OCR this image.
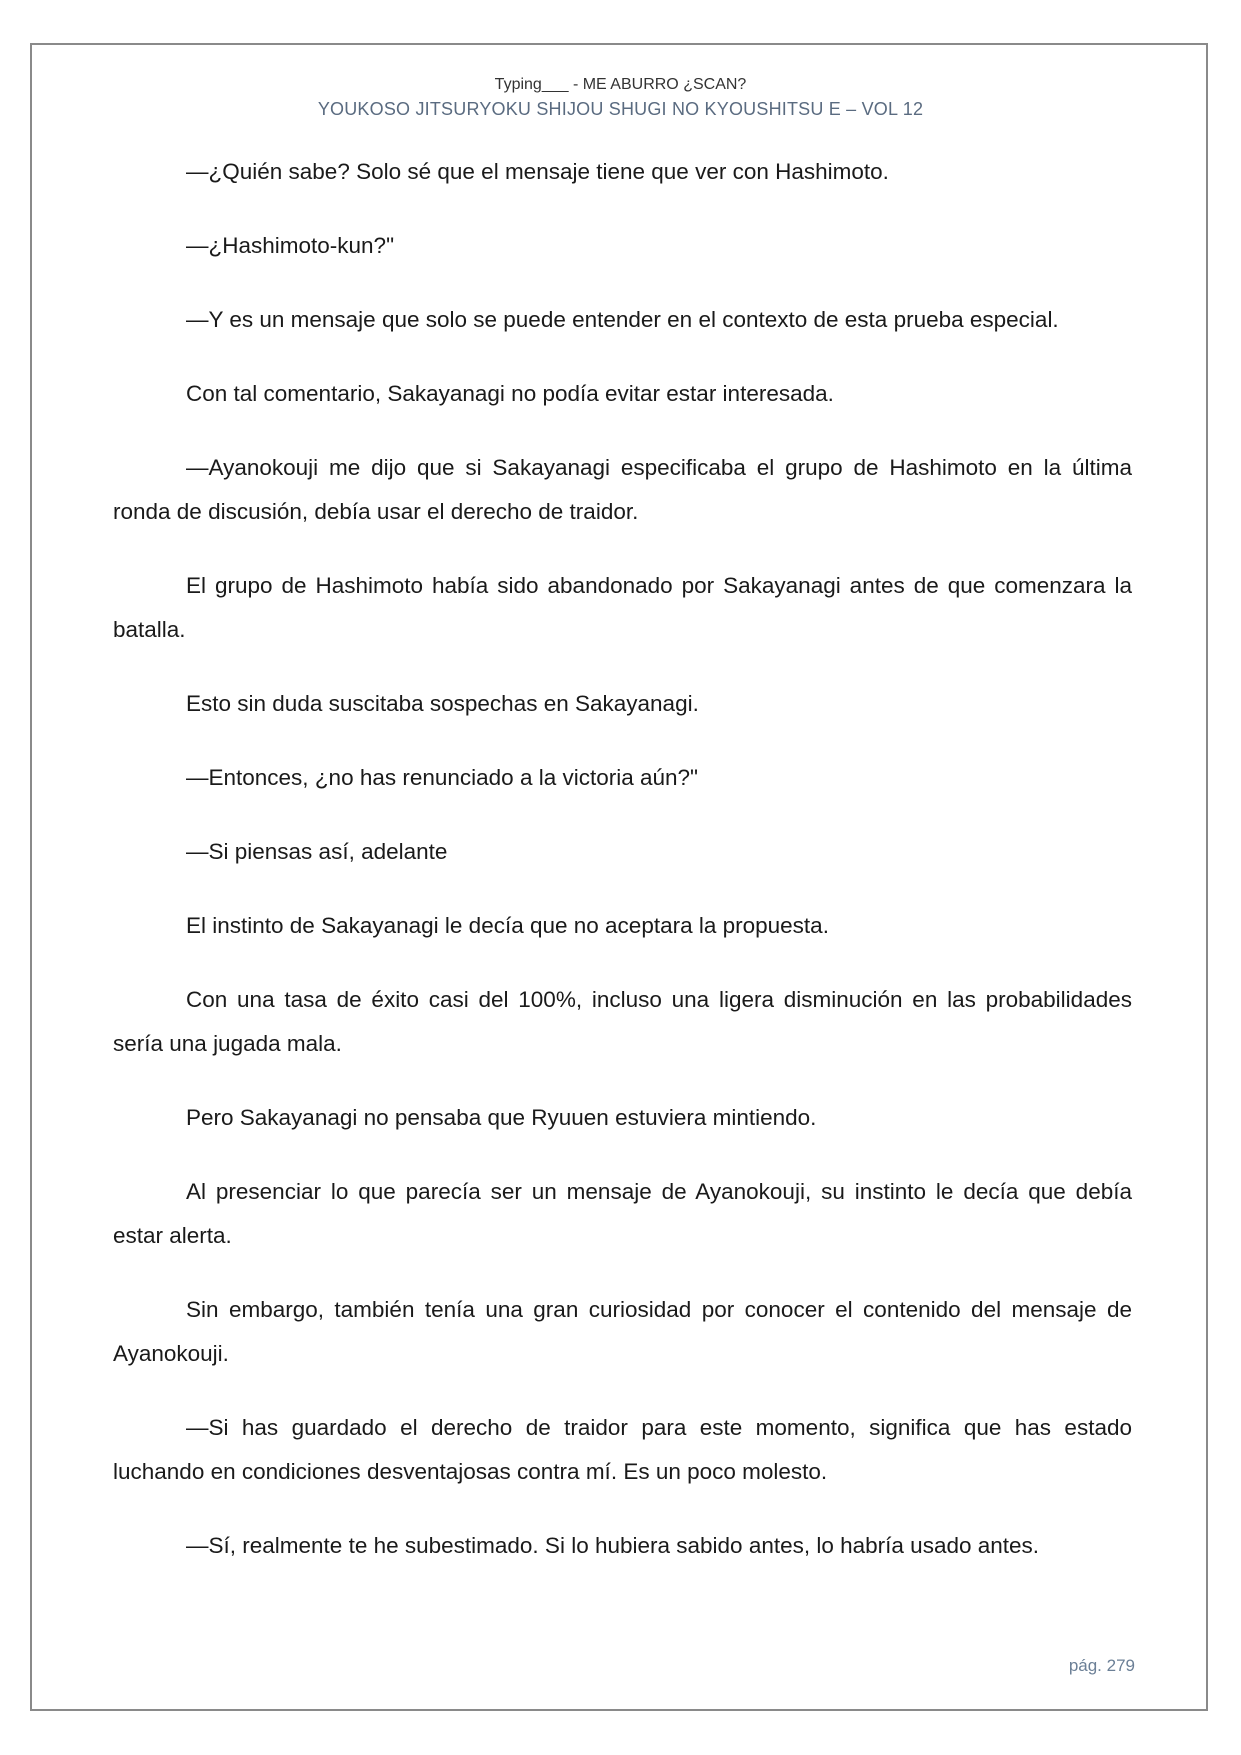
Typing___ - ME ABURRO ¿SCAN?
YOUKOSO JITSURYOKU SHIJOU SHUGI NO KYOUSHITSU E – VOL 12

—¿Quién sabe? Solo sé que el mensaje tiene que ver con Hashimoto.

—¿Hashimoto-kun?"

—Y es un mensaje que solo se puede entender en el contexto de esta prueba especial.

Con tal comentario, Sakayanagi no podía evitar estar interesada.

—Ayanokouji me dijo que si Sakayanagi especificaba el grupo de Hashimoto en la última ronda de discusión, debía usar el derecho de traidor.

El grupo de Hashimoto había sido abandonado por Sakayanagi antes de que comenzara la batalla.

Esto sin duda suscitaba sospechas en Sakayanagi.

—Entonces, ¿no has renunciado a la victoria aún?"

—Si piensas así, adelante

El instinto de Sakayanagi le decía que no aceptara la propuesta.

Con una tasa de éxito casi del 100%, incluso una ligera disminución en las probabilidades sería una jugada mala.

Pero Sakayanagi no pensaba que Ryuuen estuviera mintiendo.

Al presenciar lo que parecía ser un mensaje de Ayanokouji, su instinto le decía que debía estar alerta.

Sin embargo, también tenía una gran curiosidad por conocer el contenido del mensaje de Ayanokouji.

—Si has guardado el derecho de traidor para este momento, significa que has estado luchando en condiciones desventajosas contra mí. Es un poco molesto.

—Sí, realmente te he subestimado. Si lo hubiera sabido antes, lo habría usado antes.

pág. 279
